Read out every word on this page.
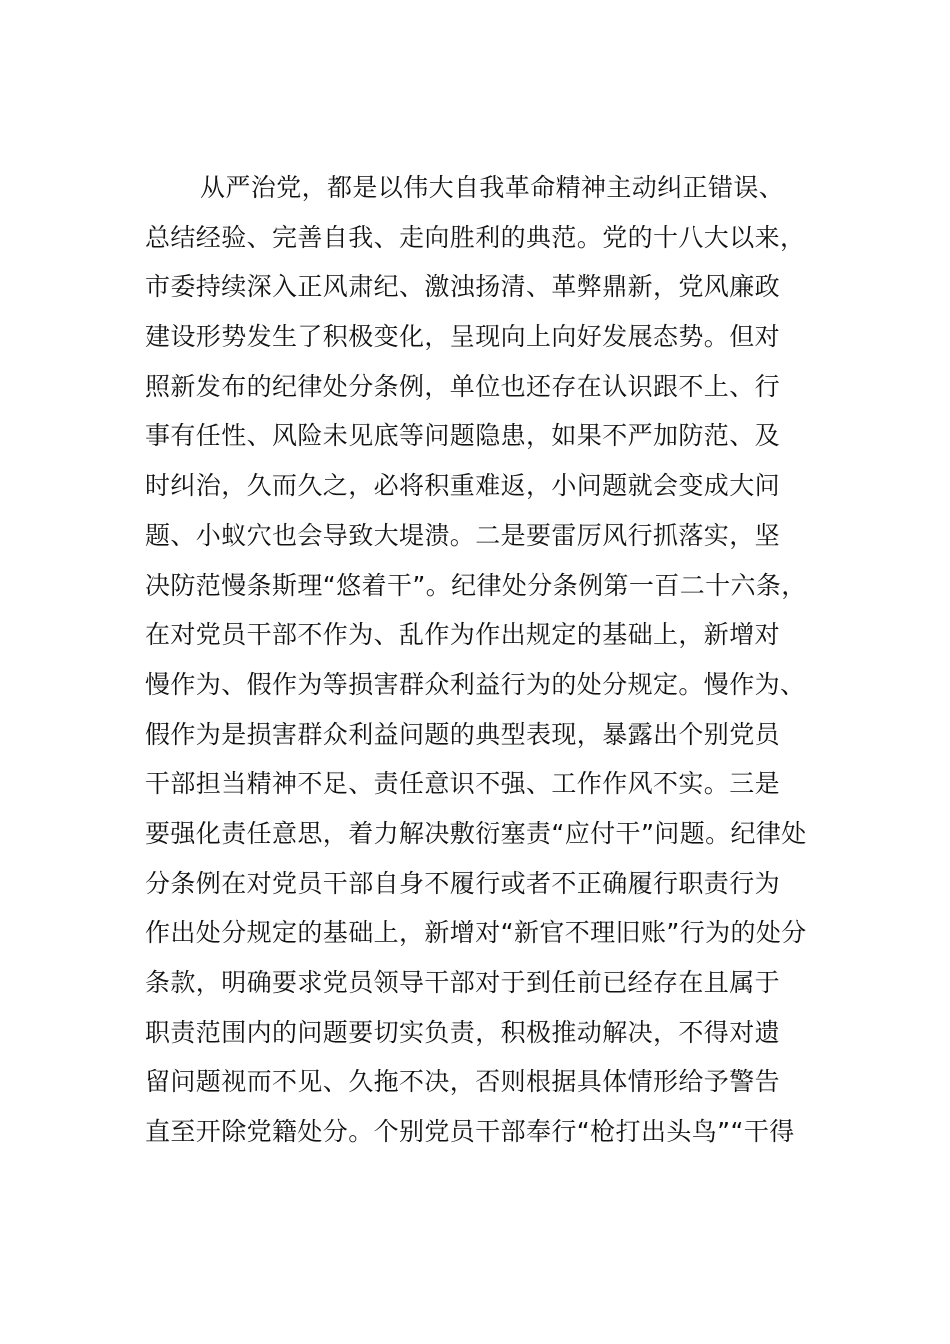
从严治党，都是以伟大自我革命精神主动纠正错误、
总结经验、完善自我、走向胜利的典范。党的十八大以来，
市委持续深入正风肃纪、激浊扬清、革弊鼎新，党风廉政
建设形势发生了积极变化，呈现向上向好发展态势。但对
照新发布的纪律处分条例，单位也还存在认识跟不上、行
事有任性、风险未见底等问题隐患，如果不严加防范、及
时纠治，久而久之，必将积重难返，小问题就会变成大问
题、小蚁穴也会导致大堤溃。二是要雷厉风行抓落实，坚
决防范慢条斯理“悠着干”。纪律处分条例第一百二十六条，
在对党员干部不作为、乱作为作出规定的基础上，新增对
慢作为、假作为等损害群众利益行为的处分规定。慢作为、
假作为是损害群众利益问题的典型表现，暴露出个别党员
干部担当精神不足、责任意识不强、工作作风不实。三是
要强化责任意思，着力解决敷衍塞责“应付干”问题。纪律处
分条例在对党员干部自身不履行或者不正确履行职责行为
作出处分规定的基础上，新增对“新官不理旧账”行为的处分
条款，明确要求党员领导干部对于到任前已经存在且属于
职责范围内的问题要切实负责，积极推动解决，不得对遗
留问题视而不见、久拖不决，否则根据具体情形给予警告
直至开除党籍处分。个别党员干部奉行“枪打出头鸟”“干得
